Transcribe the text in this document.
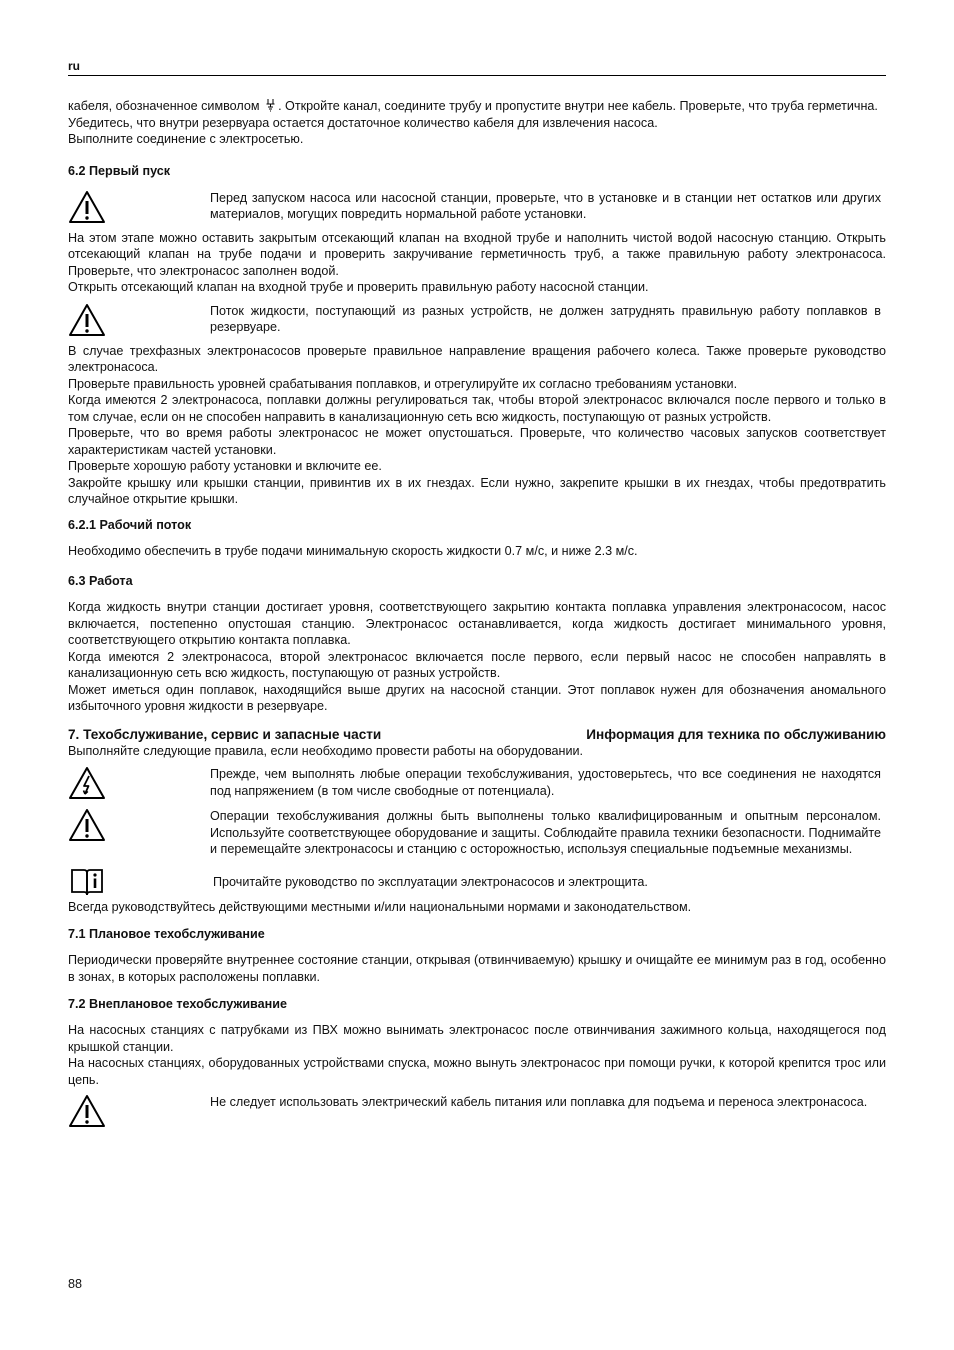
ru

кабеля, обозначенное символом . Откройте канал, соедините трубу и пропустите внутри нее кабель. Проверьте, что труба герметична.

Убедитесь, что внутри резервуара остается достаточное количество кабеля для извлечения насоса.

Выполните соединение с электросетью.

6.2 Первый пуск

Перед запуском насоса или насосной станции, проверьте, что в установке и в станции нет остатков или других материалов, могущих повредить нормальной работе установки.

На этом этапе можно оставить закрытым отсекающий клапан на входной трубе и наполнить чистой водой насосную станцию. Открыть отсекающий клапан на трубе подачи и проверить закручивание герметичность труб, а также правильную работу электронасоса. Проверьте, что электронасос заполнен водой.

Открыть отсекающий клапан на входной трубе и проверить правильную работу насосной станции.

Поток жидкости, поступающий из разных устройств, не должен затруднять правильную работу поплавков в резервуаре.

В случае трехфазных электронасосов проверьте правильное направление вращения рабочего колеса. Также проверьте руководство электронасоса.

Проверьте правильность уровней срабатывания поплавков, и отрегулируйте их согласно требованиям установки.

Когда имеются 2 электронасоса, поплавки должны регулироваться так, чтобы второй электронасос включался после первого и только в том случае, если он не способен направить в канализационную сеть всю жидкость, поступающую от разных устройств.

Проверьте, что во время работы электронасос не может опустошаться. Проверьте, что количество часовых запусков соответствует характеристикам частей установки.

Проверьте хорошую работу установки и включите ее.

Закройте крышку или крышки станции, привинтив их в их гнездах. Если нужно, закрепите крышки в их гнездах, чтобы предотвратить случайное открытие крышки.

6.2.1 Рабочий поток

Необходимо обеспечить в трубе подачи минимальную скорость жидкости 0.7 м/с, и ниже 2.3 м/с.

6.3 Работа

Когда жидкость внутри станции достигает уровня, соответствующего закрытию контакта поплавка управления электронасосом, насос включается, постепенно опустошая станцию. Электронасос останавливается, когда жидкость достигает минимального уровня, соответствующего открытию контакта поплавка.

Когда имеются 2 электронасоса, второй электронасос включается после первого, если первый насос не способен направлять в канализационную сеть всю жидкость, поступающую от разных устройств.

Может иметься один поплавок, находящийся выше других на насосной станции. Этот поплавок нужен для обозначения аномального избыточного уровня жидкости в резервуаре.

7. Техобслуживание, сервис и запасные части	Информация для техника по обслуживанию

Выполняйте следующие правила, если необходимо провести работы на оборудовании.

Прежде, чем выполнять любые операции техобслуживания, удостоверьтесь, что все соединения не находятся под напряжением (в том числе свободные от потенциала).

Операции техобслуживания должны быть выполнены только квалифицированным и опытным персоналом. Используйте соответствующее оборудование и защиты. Соблюдайте правила техники безопасности. Поднимайте и перемещайте электронасосы и станцию с осторожностью, используя специальные подъемные механизмы.

Прочитайте руководство по эксплуатации электронасосов и электрощита.

Всегда руководствуйтесь действующими местными и/или национальными нормами и законодательством.

7.1 Плановое техобслуживание

Периодически проверяйте внутреннее состояние станции, открывая (отвинчиваемую) крышку и очищайте ее минимум раз в год, особенно в зонах, в которых расположены поплавки.

7.2 Внеплановое техобслуживание

На насосных станциях с патрубками из ПВХ можно вынимать электронасос после отвинчивания зажимного кольца, находящегося под крышкой станции.

На насосных станциях, оборудованных устройствами спуска, можно вынуть электронасос при помощи ручки, к которой крепится трос или цепь.

Не следует использовать электрический кабель питания или поплавка для подъема и переноса электронасоса.

88
